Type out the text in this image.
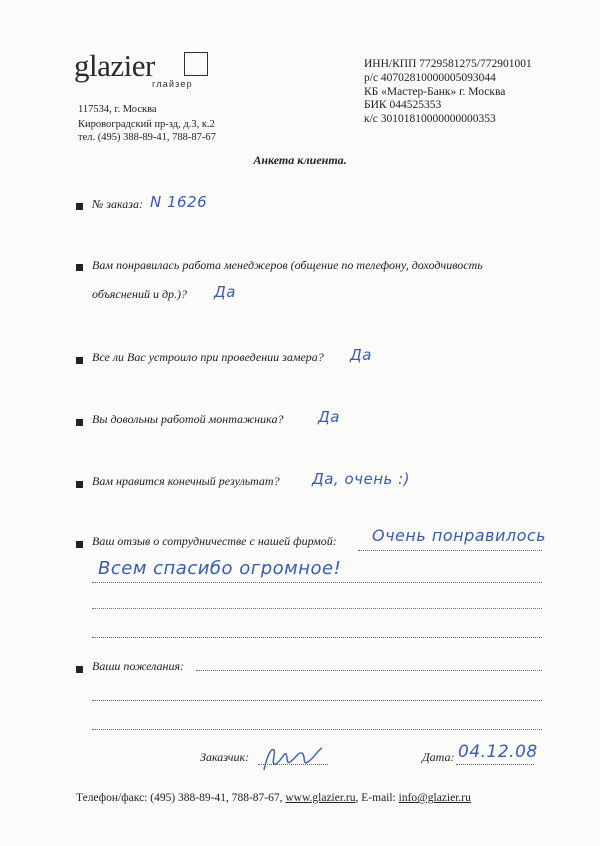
glazier
глайзер
117534, г. Москва
Кировоградский пр-зд, д.3, к.2
тел. (495) 388-89-41, 788-87-67
ИНН/КПП 7729581275/772901001
р/с 40702810000005093044
КБ «Мастер-Банк» г. Москва
БИК 044525353
к/с 30101810000000000353
Анкета клиента.
№ заказа: N 1626
Вам понравилась работа менеджеров (общение по телефону, доходчивость
объяснений и др.)? Да
Все ли Вас устроило при проведении замера? Да
Вы довольны работой монтажника? Да
Вам нравится конечный результат? Да, очень :)
Ваш отзыв о сотрудничестве с нашей фирмой: Очень понравилось
Всем спасибо огромное!
Ваши пожелания:
Заказчик:	Дата: 04.12.08
Телефон/факс: (495) 388-89-41, 788-87-67, www.glazier.ru, E-mail: info@glazier.ru
